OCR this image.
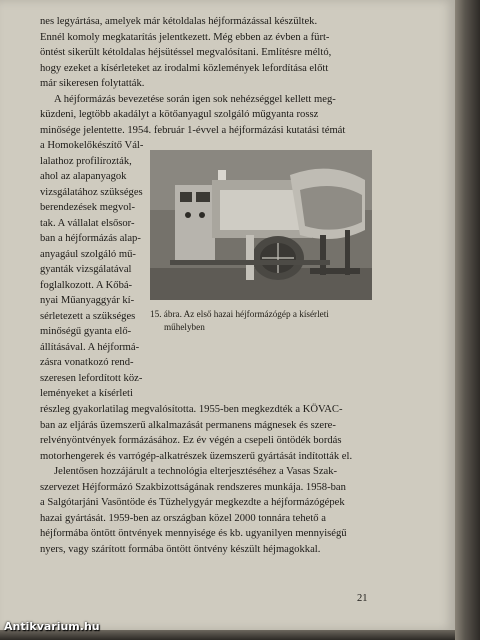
nes legyártása, amelyek már kétoldalas héjformázással készültek.
Ennél komoly megkatarítás jelentkezett. Még ebben az évben a fürt-
öntést sikerült kétoldalas héjsütéssel megvalósítani. Említésre méltó,
hogy ezeket a kísérleteket az irodalmi közlemények lefordítása előtt
már sikeresen folytatták.
A héjformázás bevezetése során igen sok nehézséggel kellett meg-
küzdeni, legtöbb akadályt a kötőanyagul szolgáló műgyanta rossz
minősége jelentette. 1954. február 1-évvel a héjformázási kutatási témát
a Homokelőkészítő Vál-
lalathoz profilírozták,
ahol az alapanyagok
vizsgálatához szükséges
berendezések megvol-
tak. A vállalat elsősor-
ban a héjformázás alap-
anyagául szolgáló mű-
gyanták vizsgálatával
foglalkozott. A Kőbá-
nyai Műanyaggyár kí-
sérletezett a szükséges
minőségű gyanta elő-
állításával. A héjformá-
zásra vonatkozó rend-
szeresen lefordított köz-
leményeket a kísérleti
15. ábra. Az első hazai héjformázógép a kísérleti
műhelyben
részleg gyakorlatilag megvalósította. 1955-ben megkezdték a KÖVAC-
ban az eljárás üzemszerű alkalmazását permanens mágnesek és szere-
relvényöntvények formázásához. Ez év végén a csepeli öntödék bordás
motorhengerek és varrógép-alkatrészek üzemszerű gyártását indították el.
Jelentősen hozzájárult a technológia elterjesztéséhez a Vasas Szak-
szervezet Héjformázó Szakbizottságának rendszeres munkája. 1958-ban
a Salgótarjáni Vasöntöde és Tűzhelygyár megkezdte a héjformázógépek
hazai gyártását. 1959-ben az országban közel 2000 tonnára tehető a
héjformába öntött öntvények mennyisége és kb. ugyanilyen mennyiségű
nyers, vagy szárított formába öntött öntvény készült héjmagokkal.
21
Antikvarium.hu
